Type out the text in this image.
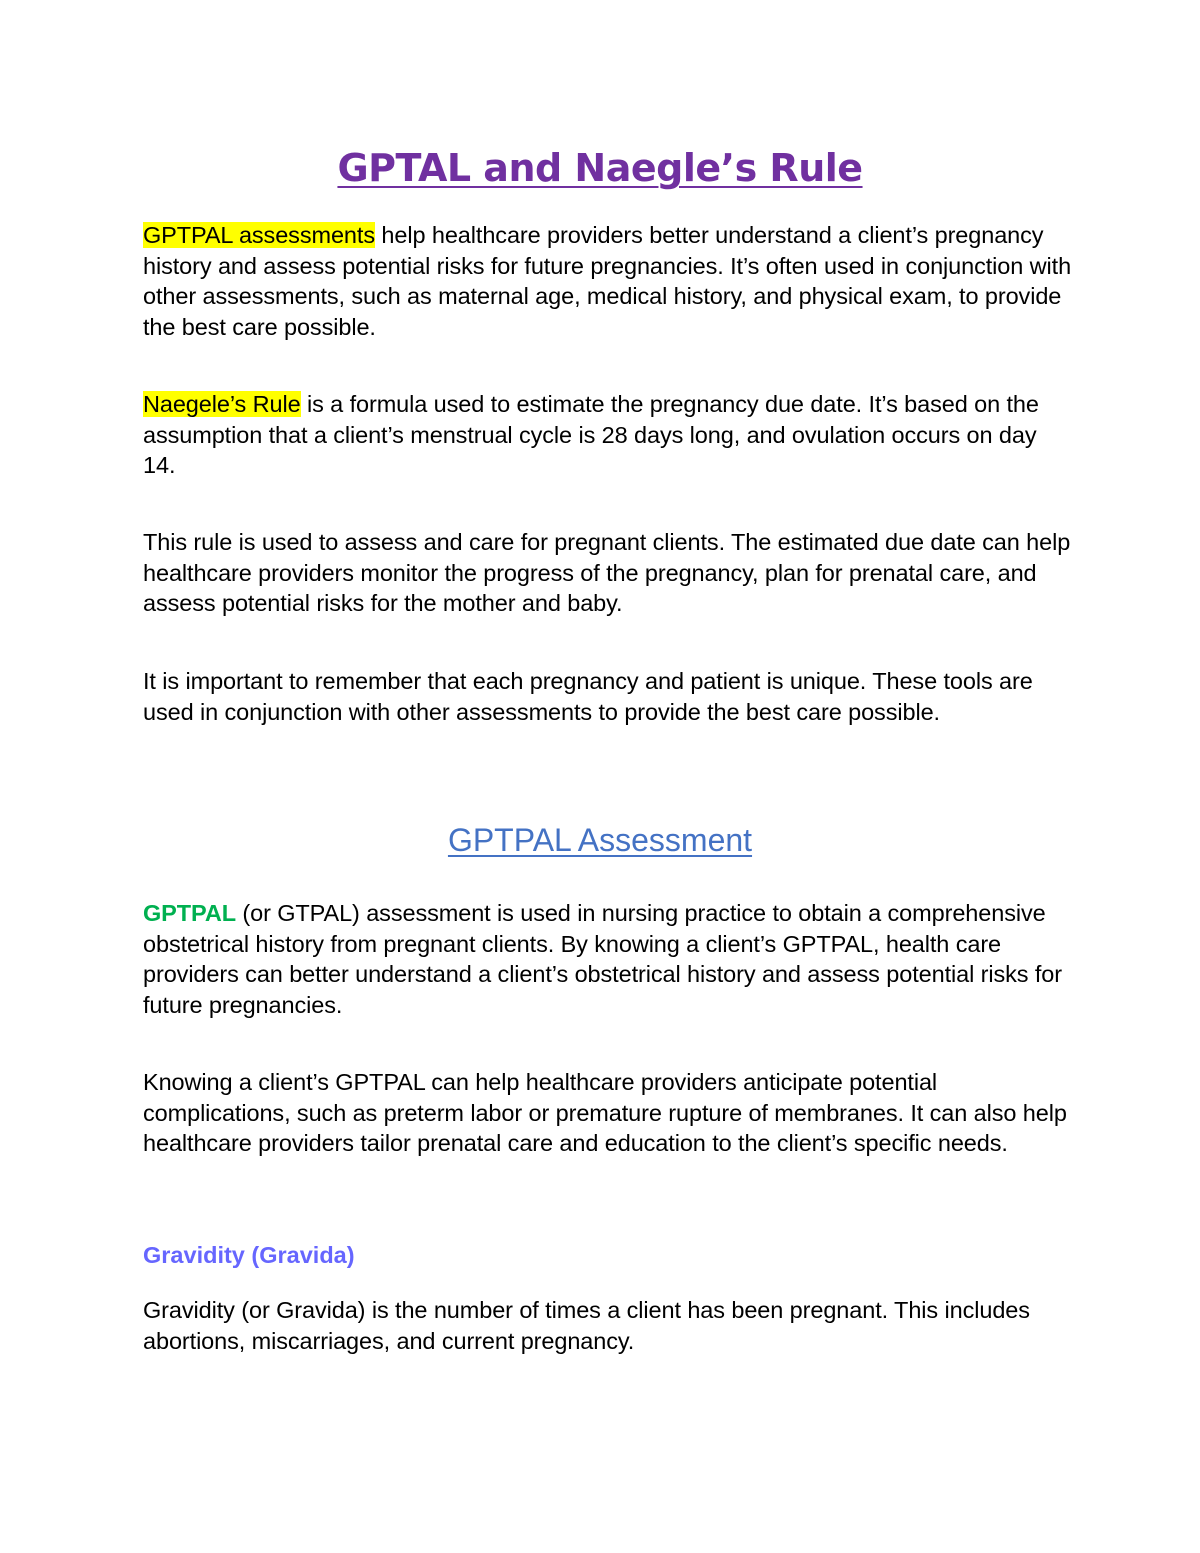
GPTAL and Naegle’s Rule

GPTPAL assessments help healthcare providers better understand a client’s pregnancy history and assess potential risks for future pregnancies. It’s often used in conjunction with other assessments, such as maternal age, medical history, and physical exam, to provide the best care possible.

Naegele’s Rule is a formula used to estimate the pregnancy due date. It’s based on the assumption that a client’s menstrual cycle is 28 days long, and ovulation occurs on day 14.

This rule is used to assess and care for pregnant clients. The estimated due date can help healthcare providers monitor the progress of the pregnancy, plan for prenatal care, and assess potential risks for the mother and baby.

It is important to remember that each pregnancy and patient is unique. These tools are used in conjunction with other assessments to provide the best care possible.

GPTPAL Assessment

GPTPAL (or GTPAL) assessment is used in nursing practice to obtain a comprehensive obstetrical history from pregnant clients. By knowing a client’s GPTPAL, health care providers can better understand a client’s obstetrical history and assess potential risks for future pregnancies.

Knowing a client’s GPTPAL can help healthcare providers anticipate potential complications, such as preterm labor or premature rupture of membranes. It can also help healthcare providers tailor prenatal care and education to the client’s specific needs.

Gravidity (Gravida)

Gravidity (or Gravida) is the number of times a client has been pregnant. This includes abortions, miscarriages, and current pregnancy.
